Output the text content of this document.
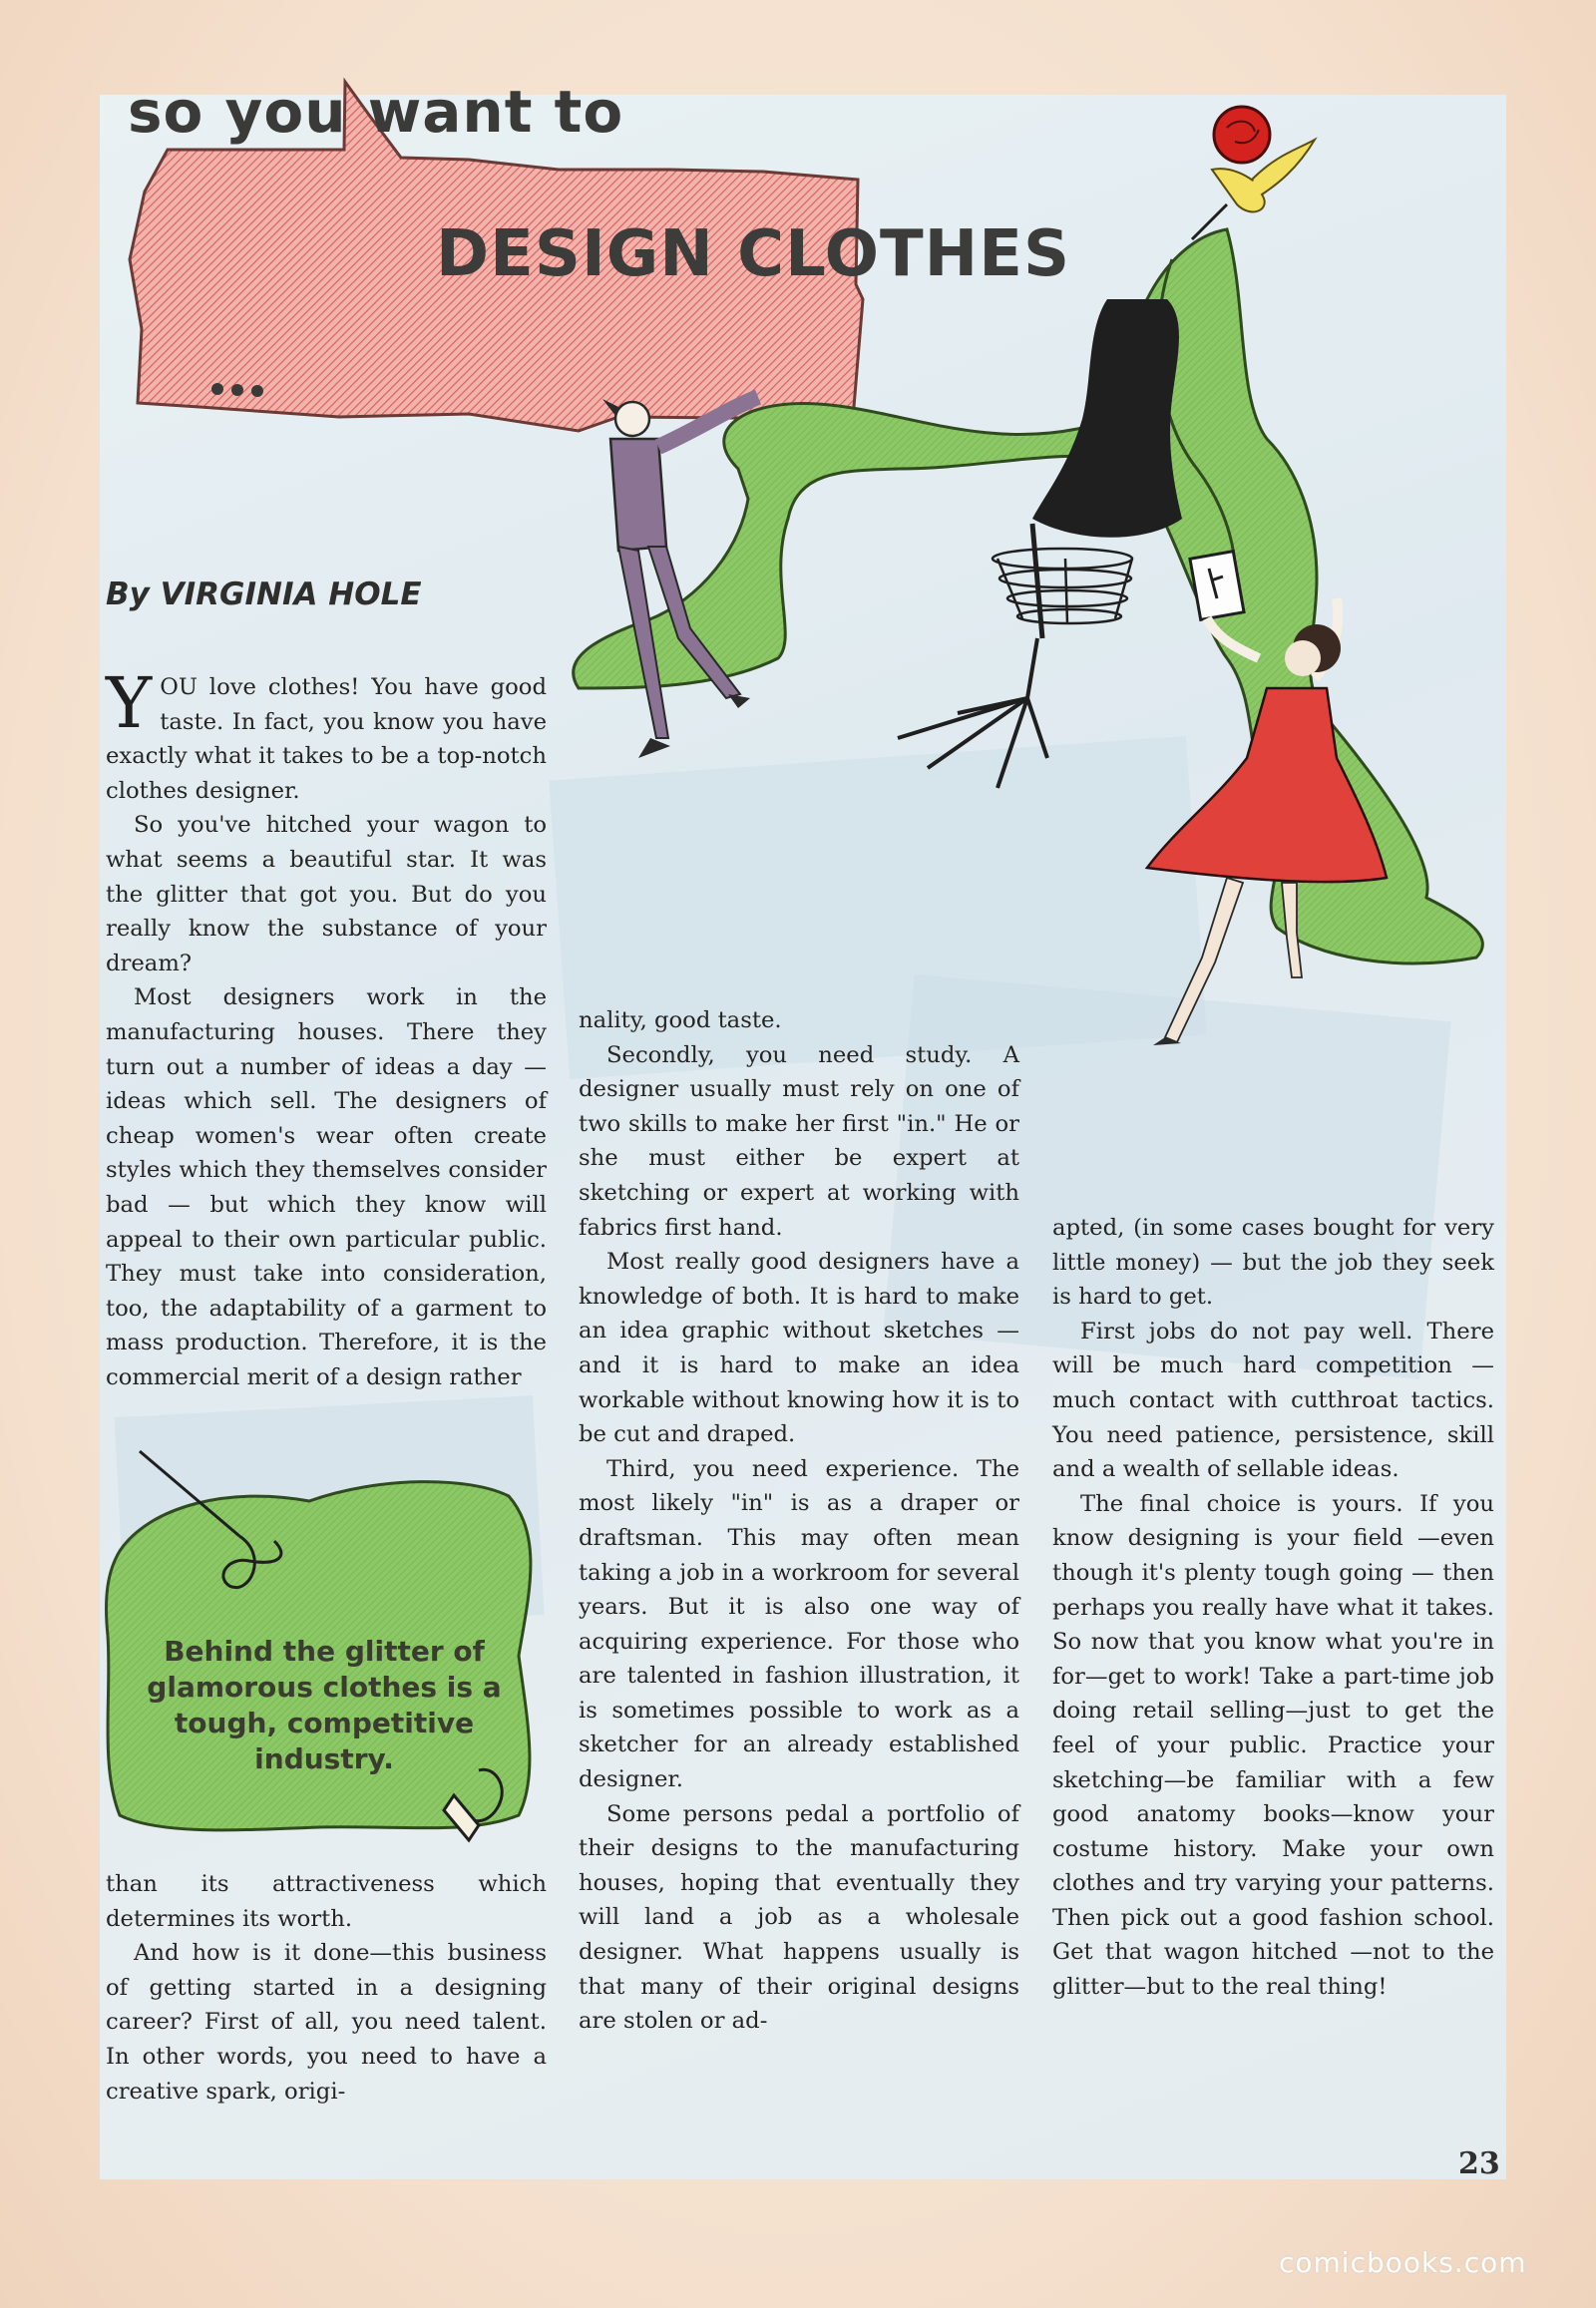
so you want to
DESIGN CLOTHES

By VIRGINIA HOLE

YOU love clothes! You have good taste. In fact, you know you have exactly what it takes to be a top-notch clothes designer.

So you've hitched your wagon to what seems a beautiful star. It was the glitter that got you. But do you really know the substance of your dream?

Most designers work in the manufacturing houses. There they turn out a number of ideas a day —ideas which sell. The designers of cheap women's wear often create styles which they themselves consider bad — but which they know will appeal to their own particular public. They must take into consideration, too, the adaptability of a garment to mass production. Therefore, it is the commercial merit of a design rather

Behind the glitter of glamorous clothes is a tough, competitive industry.

than its attractiveness which determines its worth.

And how is it done—this business of getting started in a designing career? First of all, you need talent. In other words, you need to have a creative spark, origi-

nality, good taste.

Secondly, you need study. A designer usually must rely on one of two skills to make her first "in." He or she must either be expert at sketching or expert at working with fabrics first hand.

Most really good designers have a knowledge of both. It is hard to make an idea graphic without sketches — and it is hard to make an idea workable without knowing how it is to be cut and draped.

Third, you need experience. The most likely "in" is as a draper or draftsman. This may often mean taking a job in a workroom for several years. But it is also one way of acquiring experience. For those who are talented in fashion illustration, it is sometimes possible to work as a sketcher for an already established designer.

Some persons pedal a portfolio of their designs to the manufacturing houses, hoping that eventually they will land a job as a wholesale designer. What happens usually is that many of their original designs are stolen or ad-

apted, (in some cases bought for very little money) — but the job they seek is hard to get.

First jobs do not pay well. There will be much hard competition — much contact with cutthroat tactics. You need patience, persistence, skill and a wealth of sellable ideas.

The final choice is yours. If you know designing is your field —even though it's plenty tough going — then perhaps you really have what it takes. So now that you know what you're in for—get to work! Take a part-time job doing retail selling—just to get the feel of your public. Practice your sketching—be familiar with a few good anatomy books—know your costume history. Make your own clothes and try varying your patterns. Then pick out a good fashion school. Get that wagon hitched —not to the glitter—but to the real thing!

23

comicbooks.com
